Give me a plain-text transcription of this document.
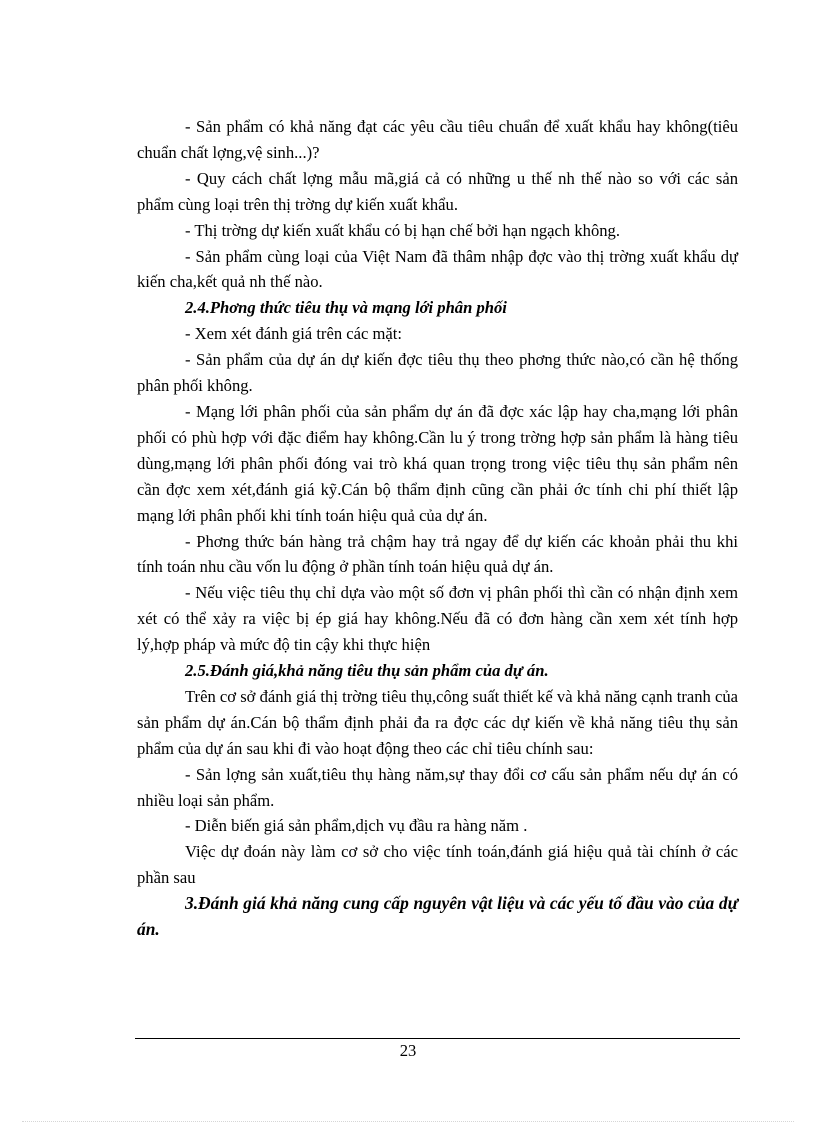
- Sản phẩm có khả năng đạt các yêu cầu tiêu chuẩn để xuất khẩu hay không(tiêu chuẩn chất lợng,vệ sinh...)?

- Quy cách chất lợng mẫu mã,giá cả có những u thế nh thế nào so với các sản phẩm cùng loại trên thị trờng dự kiến xuất khẩu.

- Thị trờng dự kiến xuất khẩu có bị hạn chế bởi hạn ngạch không.

- Sản phẩm cùng loại của Việt Nam đã thâm nhập đợc vào thị trờng xuất khẩu dự kiến cha,kết quả nh thế nào.

2.4.Phơng thức tiêu thụ và mạng lới phân phối

- Xem xét đánh giá trên các mặt:

- Sản phẩm của dự án dự kiến đợc tiêu thụ theo phơng thức nào,có cần hệ thống phân phối không.

- Mạng lới phân phối của sản phẩm dự án đã đợc xác lập hay cha,mạng lới phân phối có phù hợp với đặc điểm hay không.Cần lu ý trong trờng hợp sản phẩm là hàng tiêu dùng,mạng lới phân phối đóng vai trò khá quan trọng trong việc tiêu thụ sản phẩm nên cần đợc xem xét,đánh giá kỹ.Cán bộ thẩm định cũng cần phải ớc tính chi phí thiết lập mạng lới phân phối khi tính toán hiệu quả của dự án.

- Phơng thức bán hàng trả chậm hay trả ngay để dự kiến các khoản phải thu khi tính toán nhu cầu vốn lu động ở phần tính toán hiệu quả dự án.

- Nếu việc tiêu thụ chỉ dựa vào một số đơn vị phân phối thì cần có nhận định xem xét có thể xảy ra việc bị ép giá hay không.Nếu đã có đơn hàng cần xem xét tính hợp lý,hợp pháp và mức độ tin cậy khi thực hiện

2.5.Đánh giá,khả năng tiêu thụ sản phẩm của dự án.

Trên cơ sở đánh giá thị trờng tiêu thụ,công suất thiết kế và khả năng cạnh tranh của sản phẩm dự án.Cán bộ thẩm định phải đa ra đợc các dự kiến về khả năng tiêu thụ sản phẩm của dự án sau khi đi vào hoạt động theo các chỉ tiêu chính sau:

- Sản lợng sản xuất,tiêu thụ hàng năm,sự thay đổi cơ cấu sản phẩm nếu dự án có nhiều loại sản phẩm.

- Diễn biến giá sản phẩm,dịch vụ đầu ra hàng năm .

Việc dự đoán này làm cơ sở cho việc tính toán,đánh giá hiệu quả tài chính ở các phần sau

3.Đánh giá khả năng cung cấp nguyên vật liệu và các yếu tố đầu vào của dự án.

23
